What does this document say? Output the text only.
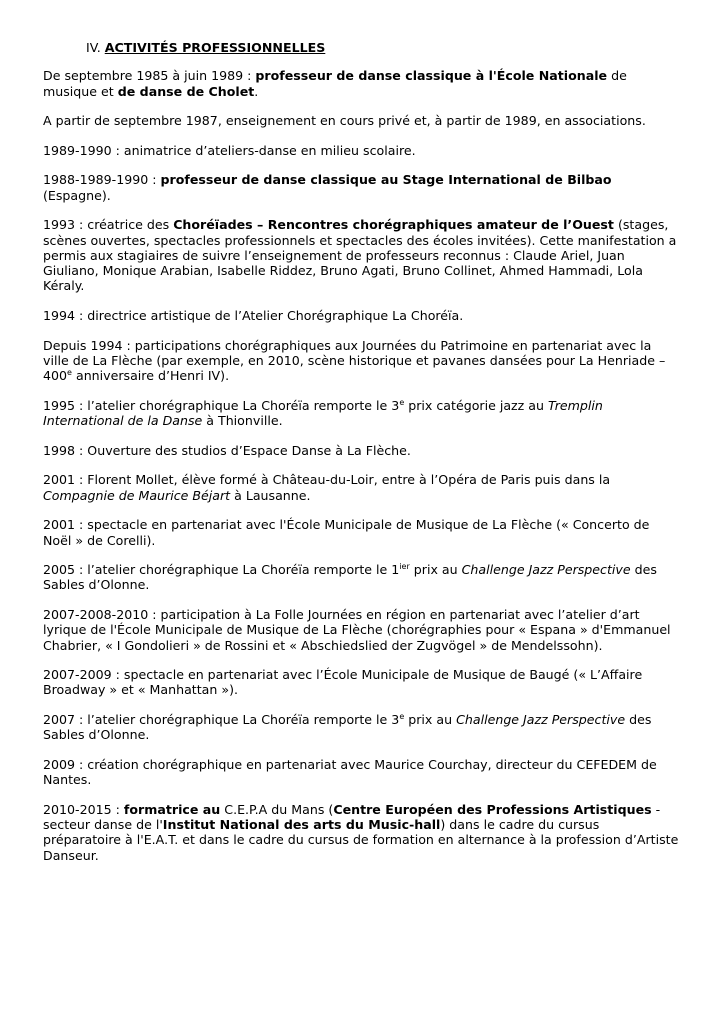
IV. ACTIVITÉS PROFESSIONNELLES
De septembre 1985 à juin 1989 : professeur de danse classique à l'École Nationale de musique et de danse de Cholet.
A partir de septembre 1987, enseignement en cours privé et, à partir de 1989, en associations.
1989-1990 : animatrice d’ateliers-danse en milieu scolaire.
1988-1989-1990 : professeur de danse classique au Stage International de Bilbao (Espagne).
1993 : créatrice des Choréïades – Rencontres chorégraphiques amateur de l’Ouest (stages, scènes ouvertes, spectacles professionnels et spectacles des écoles invitées). Cette manifestation a permis aux stagiaires de suivre l’enseignement de professeurs reconnus : Claude Ariel, Juan Giuliano, Monique Arabian, Isabelle Riddez, Bruno Agati, Bruno Collinet, Ahmed Hammadi, Lola Kéraly.
1994 : directrice artistique de l’Atelier Chorégraphique La Choréïa.
Depuis 1994 : participations chorégraphiques aux Journées du Patrimoine en partenariat avec la ville de La Flèche (par exemple, en 2010, scène historique et pavanes dansées pour La Henriade – 400e anniversaire d’Henri IV).
1995 : l’atelier chorégraphique La Choréïa remporte le 3e prix catégorie jazz au Tremplin International de la Danse à Thionville.
1998 : Ouverture des studios d’Espace Danse à La Flèche.
2001 : Florent Mollet, élève formé à Château-du-Loir, entre à l’Opéra de Paris puis dans la Compagnie de Maurice Béjart à Lausanne.
2001 : spectacle en partenariat avec l'École Municipale de Musique de La Flèche (« Concerto de Noël » de Corelli).
2005 : l’atelier chorégraphique La Choréïa remporte le $1^{ier}$ prix au Challenge Jazz Perspective des Sables d’Olonne.
2007-2008-2010 : participation à La Folle Journées en région en partenariat avec l’atelier d’art lyrique de l'École Municipale de Musique de La Flèche (chorégraphies pour « Espana » d'Emmanuel Chabrier, « I Gondolieri » de Rossini et « Abschiedslied der Zugvögel » de Mendelssohn).
2007-2009 : spectacle en partenariat avec l’École Municipale de Musique de Baugé (« L’Affaire Broadway » et « Manhattan »).
2007 : l’atelier chorégraphique La Choréïa remporte le 3e prix au Challenge Jazz Perspective des Sables d’Olonne.
2009 : création chorégraphique en partenariat avec Maurice Courchay, directeur du CEFEDEM de Nantes.
2010-2015 : formatrice au C.E.P.A du Mans (Centre Européen des Professions Artistiques - secteur danse de l'Institut National des arts du Music-hall) dans le cadre du cursus préparatoire à l'E.A.T. et dans le cadre du cursus de formation en alternance à la profession d’Artiste Danseur.
